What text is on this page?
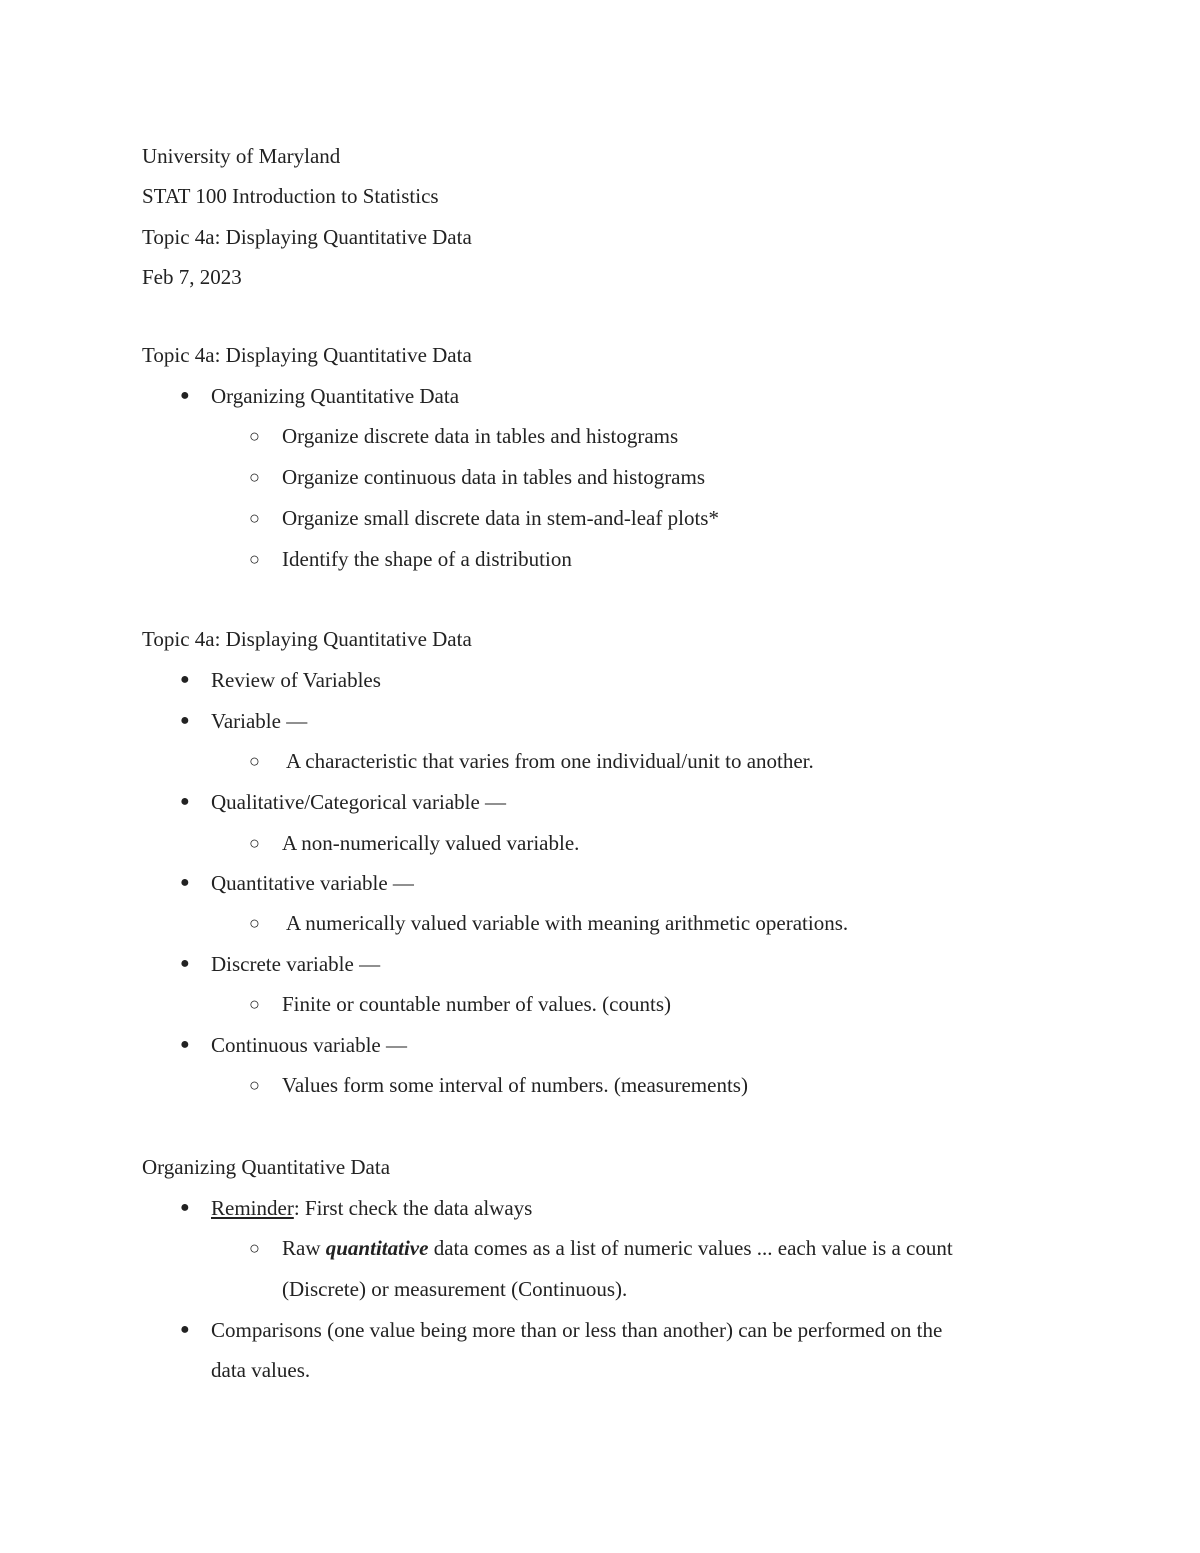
University of Maryland
STAT 100 Introduction to Statistics
Topic 4a: Displaying Quantitative Data
Feb 7, 2023
Topic 4a: Displaying Quantitative Data
● Organizing Quantitative Data
○ Organize discrete data in tables and histograms
○ Organize continuous data in tables and histograms
○ Organize small discrete data in stem-and-leaf plots*
○ Identify the shape of a distribution
Topic 4a: Displaying Quantitative Data
● Review of Variables
● Variable —
○ A characteristic that varies from one individual/unit to another.
● Qualitative/Categorical variable —
○ A non-numerically valued variable.
● Quantitative variable —
○ A numerically valued variable with meaning arithmetic operations.
● Discrete variable —
○ Finite or countable number of values. (counts)
● Continuous variable —
○ Values form some interval of numbers. (measurements)
Organizing Quantitative Data
● Reminder: First check the data always
○ Raw quantitative data comes as a list of numeric values ... each value is a count
(Discrete) or measurement (Continuous).
● Comparisons (one value being more than or less than another) can be performed on the
data values.
